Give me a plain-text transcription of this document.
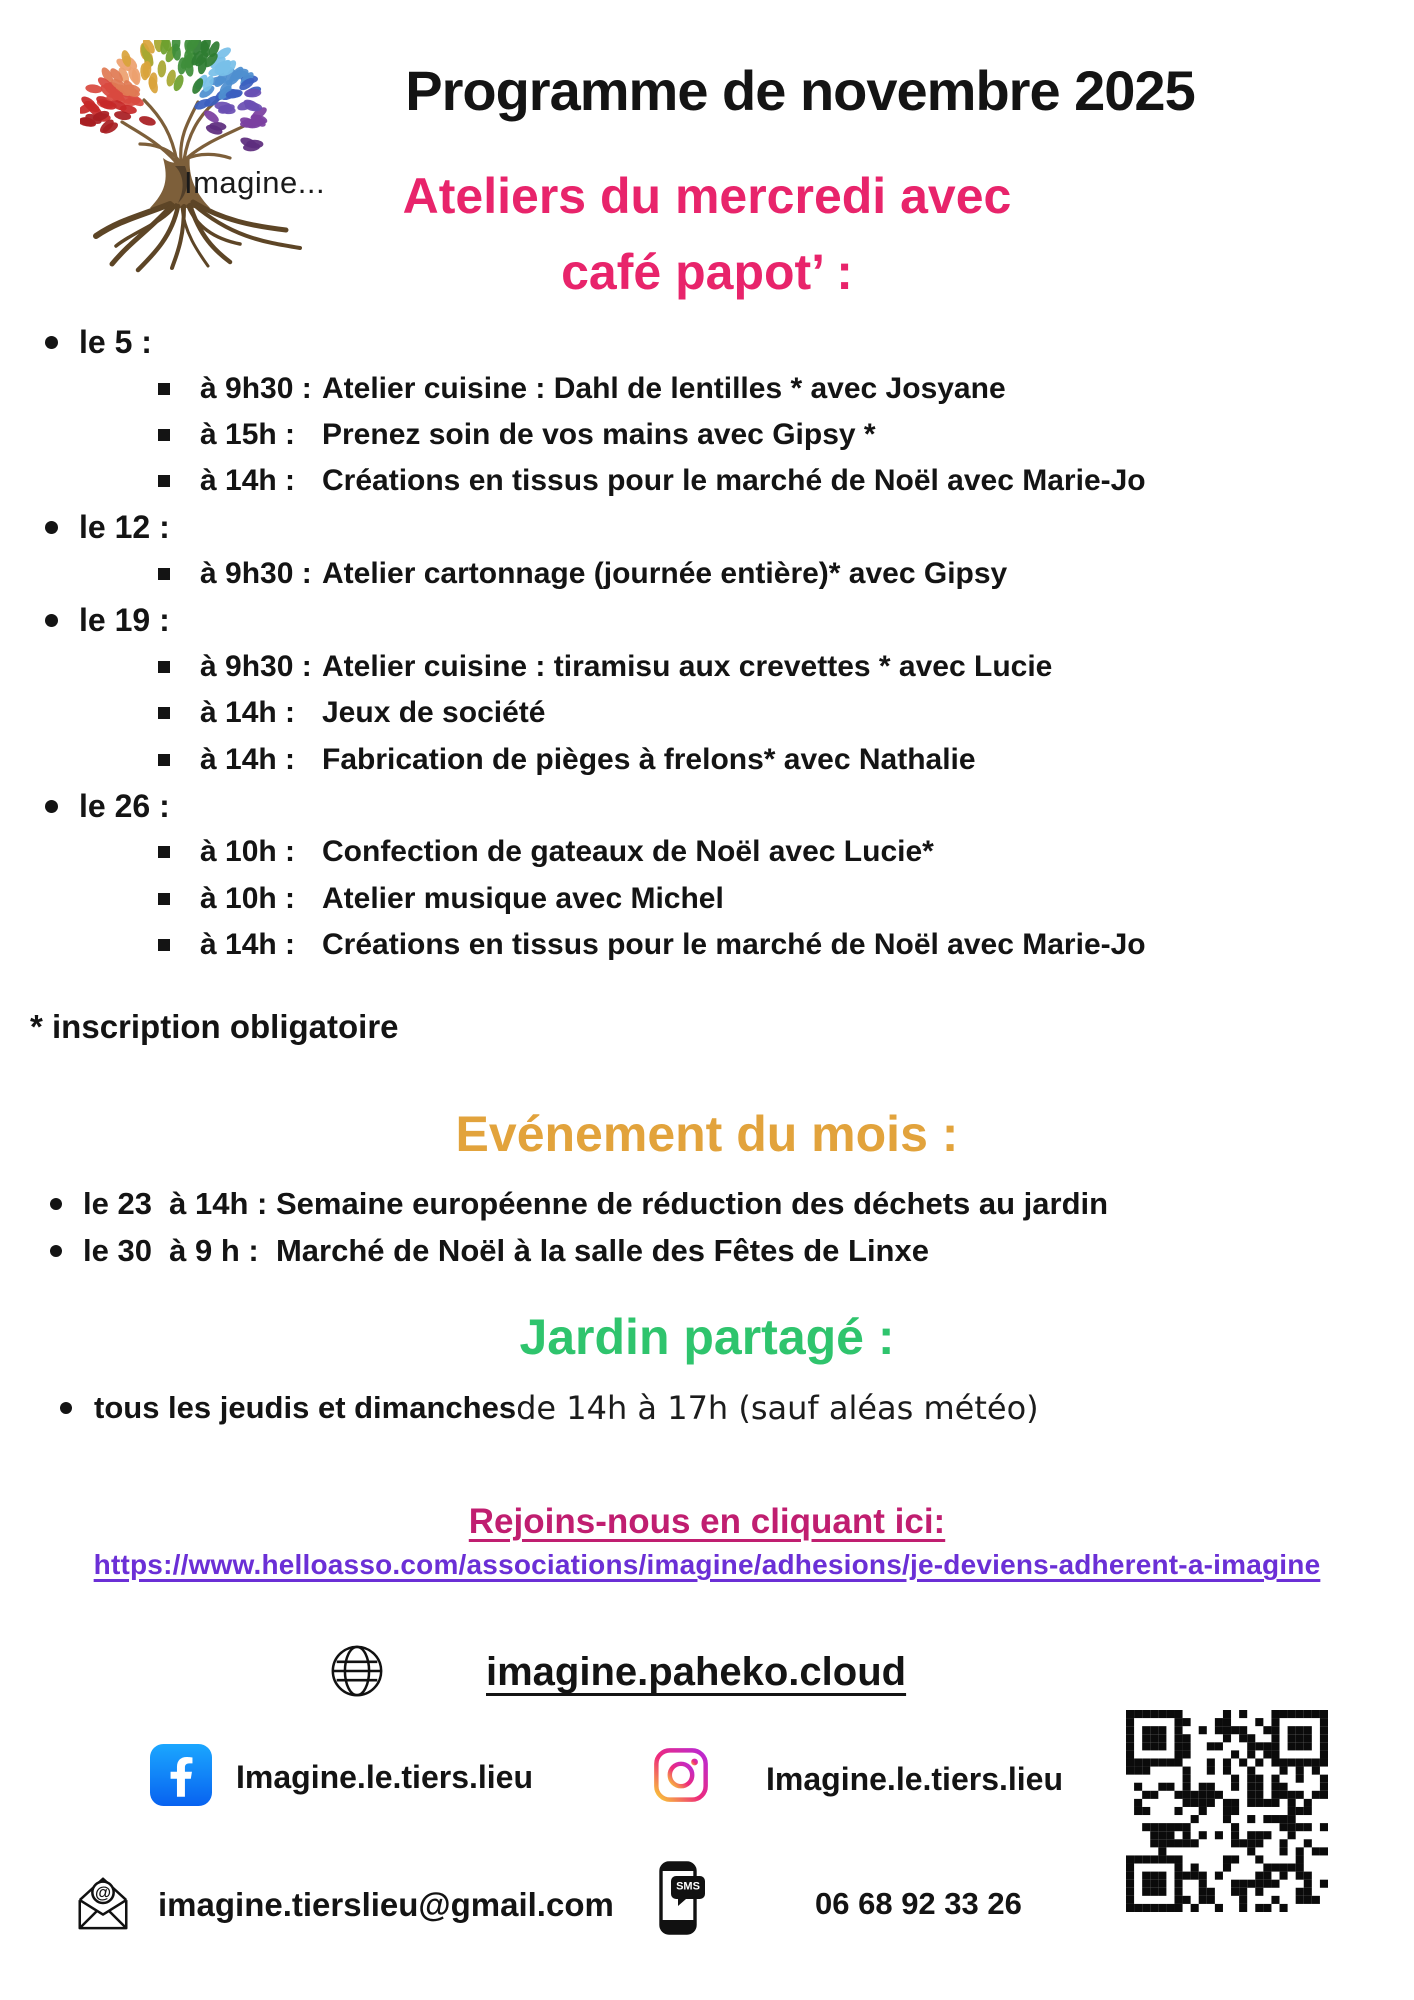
Imagine...
Programme de novembre 2025
Ateliers du mercredi avec
café papot’ :
le 5 :
à 9h30 : Atelier cuisine : Dahl de lentilles * avec Josyane
à 15h : Prenez soin de vos mains avec Gipsy *
à 14h : Créations en tissus pour le marché de Noël avec Marie-Jo
le 12 :
à 9h30 : Atelier cartonnage (journée entière)* avec Gipsy
le 19 :
à 9h30 : Atelier cuisine : tiramisu aux crevettes * avec Lucie
à 14h : Jeux de société
à 14h : Fabrication de pièges à frelons* avec Nathalie
le 26 :
à 10h : Confection de gateaux de Noël avec Lucie*
à 10h : Atelier musique avec Michel
à 14h : Créations en tissus pour le marché de Noël avec Marie-Jo
* inscription obligatoire
Evénement du mois :
le 23  à 14h : Semaine européenne de réduction des déchets au jardin
le 30  à 9 h :  Marché de Noël à la salle des Fêtes de Linxe
Jardin partagé :
tous les jeudis et dimanches de 14h à 17h (sauf aléas météo)
Rejoins-nous en cliquant ici:
https://www.helloasso.com/associations/imagine/adhesions/je-deviens-adherent-a-imagine
imagine.paheko.cloud
Imagine.le.tiers.lieu	Imagine.le.tiers.lieu
@ imagine.tierslieu@gmail.com	SMS	06 68 92 33 26
